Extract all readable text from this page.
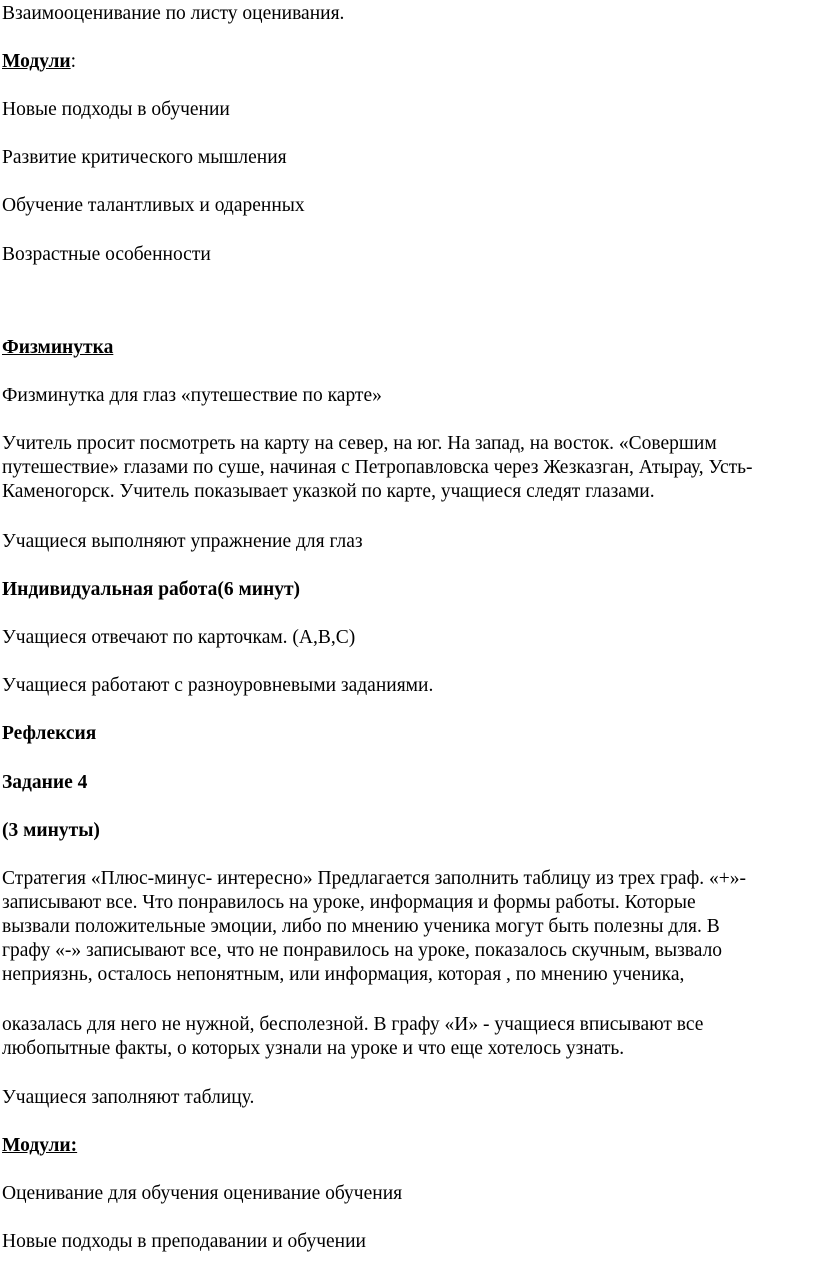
Взаимооценивание по листу оценивания.

Модули:

Новые подходы в обучении

Развитие критического мышления

Обучение талантливых и одаренных

Возрастные особенности

Физминутка

Физминутка для глаз «путешествие по карте»

Учитель просит посмотреть на карту на север, на юг. На запад, на восток. «Совершим
путешествие» глазами по суше, начиная с Петропавловска через Жезказган, Атырау, Усть-
Каменогорск. Учитель показывает указкой по карте, учащиеся следят глазами.

Учащиеся выполняют упражнение для глаз

Индивидуальная работа(6 минут)

Учащиеся отвечают по карточкам. (А,В,С)

Учащиеся работают с разноуровневыми заданиями.

Рефлексия

Задание 4

(3 минуты)

Стратегия «Плюс-минус- интересно» Предлагается заполнить таблицу из трех граф. «+»-
записывают все. Что понравилось на уроке, информация и формы работы. Которые
вызвали положительные эмоции, либо по мнению ученика могут быть полезны для. В
графу «-» записывают все, что не понравилось на уроке, показалось скучным, вызвало
неприязнь, осталось непонятным, или информация, которая , по мнению ученика,
оказалась для него не нужной, бесполезной. В графу «И» - учащиеся вписывают все
любопытные факты, о которых узнали на уроке и что еще хотелось узнать.

Учащиеся заполняют таблицу.

Модули:

Оценивание для обучения оценивание обучения

Новые подходы в преподавании и обучении
